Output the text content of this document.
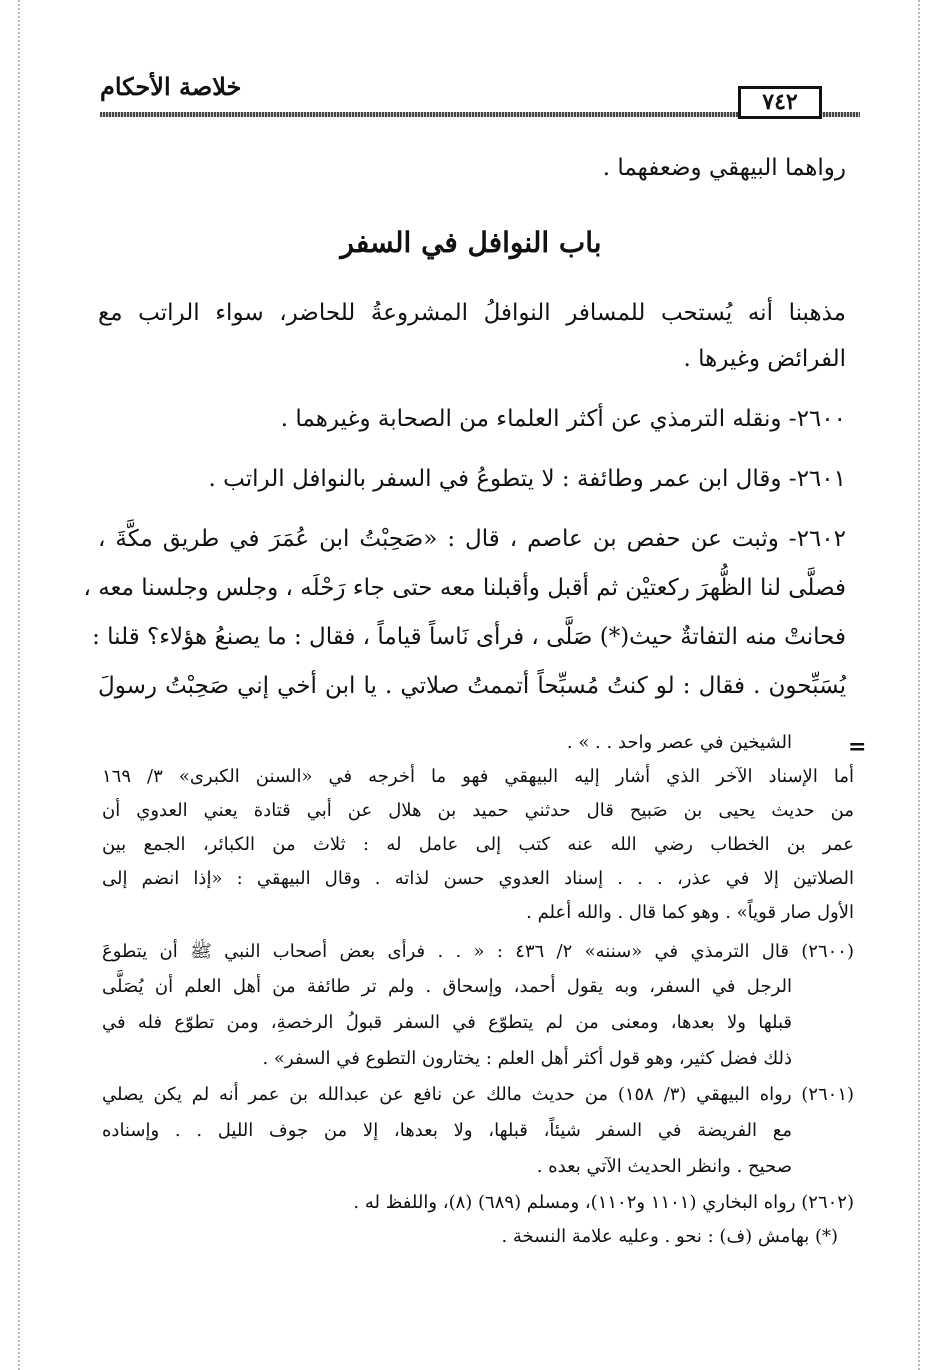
خلاصة الأحكام
٧٤٢
رواهما البيهقي وضعفهما .
باب النوافل في السفر
مذهبنا أنه يُستحب للمسافر النوافلُ المشروعةُ للحاضر، سواء الراتب مع
الفرائض وغيرها .
٢٦٠٠- ونقله الترمذي عن أكثر العلماء من الصحابة وغيرهما .
٢٦٠١- وقال ابن عمر وطائفة : لا يتطوعُ في السفر بالنوافل الراتب .
٢٦٠٢- وثبت عن حفص بن عاصم ، قال : «صَحِبْتُ ابن عُمَرَ في طريق مكَّةَ ،
فصلَّى لنا الظُّهرَ ركعتيْن ثم أقبل وأقبلنا معه حتى جاء رَحْلَه ، وجلس وجلسنا معه ،
فحانتْ منه التفاتةٌ حيث(*) صَلَّى ، فرأى نَاساً قياماً ، فقال : ما يصنعُ هؤلاء؟ قلنا :
يُسَبِّحون . فقال : لو كنتُ مُسبِّحاً أتممتُ صلاتي . يا ابن أخي إني صَحِبْتُ رسولَ
=
الشيخين في عصر واحد . . » .
أما الإسناد الآخر الذي أشار إليه البيهقي فهو ما أخرجه في «السنن الكبرى» ٣/ ١٦٩
من حديث يحيى بن صَبيح قال حدثني حميد بن هلال عن أبي قتادة يعني العدوي أن
عمر بن الخطاب رضي الله عنه كتب إلى عامل له : ثلاث من الكبائر، الجمع بين
الصلاتين إلا في عذر، . . . إسناد العدوي حسن لذاته . وقال البيهقي : «إذا انضم إلى
الأول صار قوياً» . وهو كما قال . والله أعلم .
(٢٦٠٠) قال الترمذي في «سننه» ٢/ ٤٣٦ : « . . فرأى بعض أصحاب النبي ﷺ أن يتطوعَ
الرجل في السفر، وبه يقول أحمد، وإسحاق . ولم تر طائفة من أهل العلم أن يُصَلَّى
قبلها ولا بعدها، ومعنى من لم يتطوّع في السفر قبولُ الرخصةِ، ومن تطوّع فله في
ذلك فضل كثير، وهو قول أكثر أهل العلم : يختارون التطوع في السفر» .
(٢٦٠١) رواه البيهقي (٣/ ١٥٨) من حديث مالك عن نافع عن عبدالله بن عمر أنه لم يكن يصلي
مع الفريضة في السفر شيئاً، قبلها، ولا بعدها، إلا من جوف الليل . . وإسناده
صحيح . وانظر الحديث الآتي بعده .
(٢٦٠٢) رواه البخاري (١١٠١ و١١٠٢)، ومسلم (٦٨٩) (٨)، واللفظ له .
(*) بهامش (ف) : نحو . وعليه علامة النسخة .
